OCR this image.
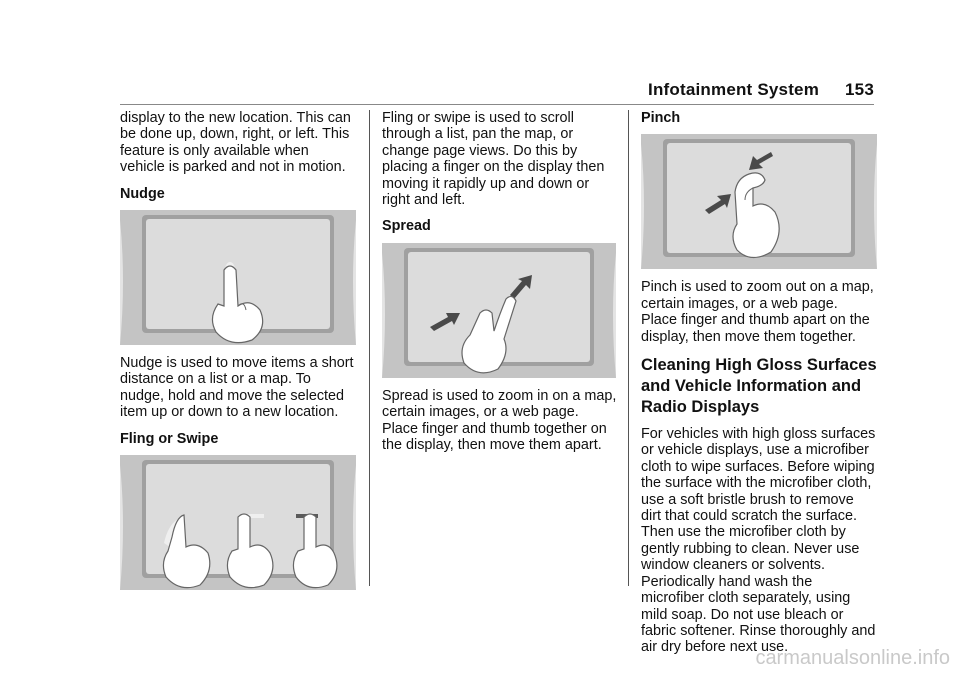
Infotainment System 153

display to the new location. This can be done up, down, right, or left. This feature is only available when vehicle is parked and not in motion.

Nudge

Nudge is used to move items a short distance on a list or a map. To nudge, hold and move the selected item up or down to a new location.

Fling or Swipe

Fling or swipe is used to scroll through a list, pan the map, or change page views. Do this by placing a finger on the display then moving it rapidly up and down or right and left.

Spread

Spread is used to zoom in on a map, certain images, or a web page. Place finger and thumb together on the display, then move them apart.

Pinch

Pinch is used to zoom out on a map, certain images, or a web page. Place finger and thumb apart on the display, then move them together.

Cleaning High Gloss Surfaces and Vehicle Information and Radio Displays

For vehicles with high gloss surfaces or vehicle displays, use a microfiber cloth to wipe surfaces. Before wiping the surface with the microfiber cloth, use a soft bristle brush to remove dirt that could scratch the surface. Then use the microfiber cloth by gently rubbing to clean. Never use window cleaners or solvents. Periodically hand wash the microfiber cloth separately, using mild soap. Do not use bleach or fabric softener. Rinse thoroughly and air dry before next use.

carmanualsonline.info
